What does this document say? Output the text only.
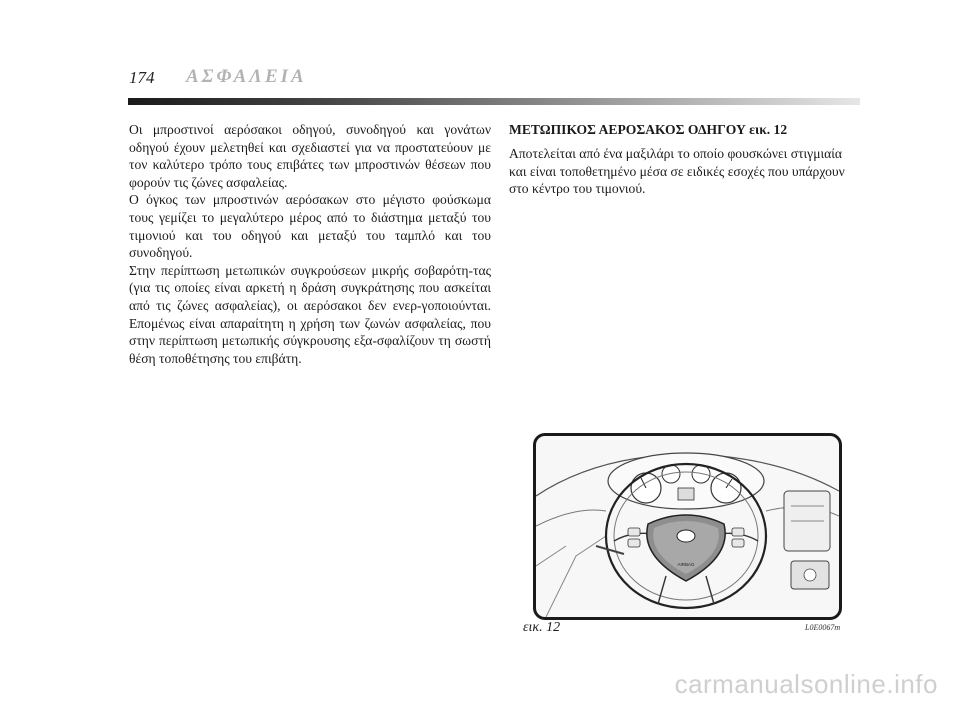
174 ΑΣΦΑΛΕΙΑ

Οι μπροστινοί αερόσακοι οδηγού, συνοδηγού και γονάτων οδηγού έχουν μελετηθεί και σχεδιαστεί για να προστατεύουν με τον καλύτερο τρόπο τους επιβάτες των μπροστινών θέσεων που φορούν τις ζώνες ασφαλείας.

Ο όγκος των μπροστινών αερόσακων στο μέγιστο φούσκωμα τους γεμίζει το μεγαλύτερο μέρος από το διάστημα μεταξύ του τιμονιού και του οδηγού και μεταξύ του ταμπλό και του συνοδηγού.

Στην περίπτωση μετωπικών συγκρούσεων μικρής σοβαρότη-τας (για τις οποίες είναι αρκετή η δράση συγκράτησης που ασκείται από τις ζώνες ασφαλείας), οι αερόσακοι δεν ενερ-γοποιούνται. Επομένως είναι απαραίτητη η χρήση των ζωνών ασφαλείας, που στην περίπτωση μετωπικής σύγκρουσης εξα-σφαλίζουν τη σωστή θέση τοποθέτησης του επιβάτη.

ΜΕΤΩΠΙΚΟΣ ΑΕΡΟΣΑΚΟΣ ΟΔΗΓΟΥ εικ. 12

Αποτελείται από ένα μαξιλάρι το οποίο φουσκώνει στιγμιαία και είναι τοποθετημένο μέσα σε ειδικές εσοχές που υπάρχουν στο κέντρο του τιμονιού.

AIRBAG
εικ. 12	L0E0067m
carmanualsonline.info
